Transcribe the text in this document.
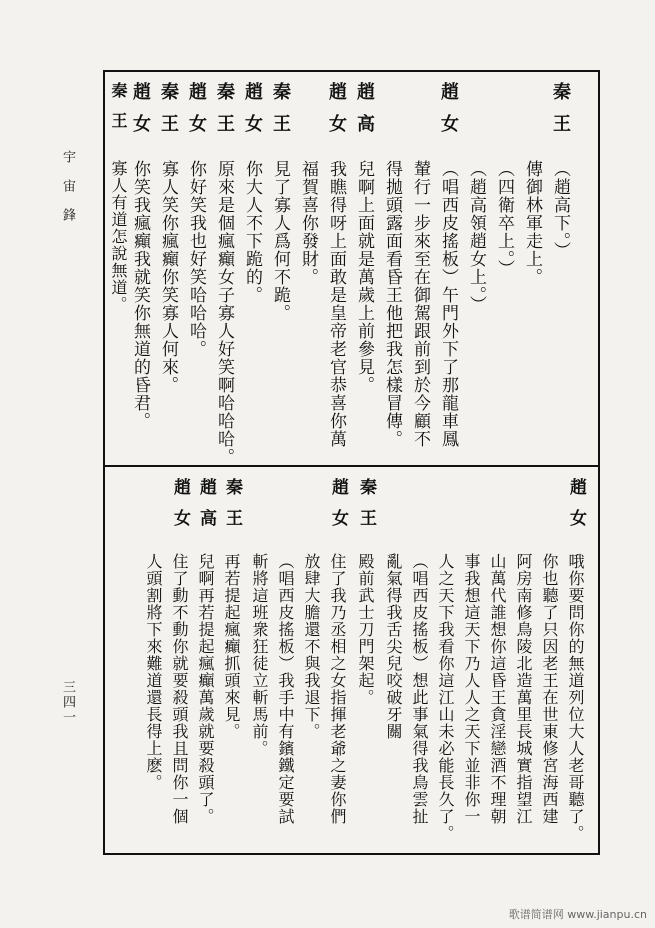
宇宙鋒
三四一
秦王
（趙高下。）
傳御林軍走上。
（四衛卒上。）
（趙高領趙女上。）
趙女
（唱西皮搖板）午門外下了那龍車鳳
輦行一步來至在御駕跟前到於今顧不
得拋頭露面看昏王他把我怎樣冒傳。
趙高
兒啊上面就是萬歲上前參見。
趙女
我瞧得呀上面敢是皇帝老官恭喜你萬
福賀喜你發財。
秦王
見了寡人爲何不跪。
趙女
你大人不下跪的。
秦王
原來是個瘋癲女子寡人好笑啊哈哈哈。
趙女
你好笑我也好笑哈哈哈。
秦王
寡人笑你瘋癲你笑寡人何來。
趙女
你笑我瘋癲我就笑你無道的昏君。
秦王
寡人有道怎說無道。
趙女
哦你要問你的無道列位大人老哥聽了。
你也聽了只因老王在世東修宮海西建
阿房南修鳥陵北造萬里長城實指望江
山萬代誰想你這昏王貪淫戀酒不理朝
事我想這天下乃人人之天下並非你一
人之天下我看你這江山未必能長久了。
（唱西皮搖板）想此事氣得我鳥雲扯
亂氣得我舌尖兒咬破牙關
秦王
殿前武士刀門架起。
趙女
住了我乃丞相之女指揮老爺之妻你們
放肆大膽還不與我退下。
（唱西皮搖板）我手中有鑌鐵定要試
斬將這班衆狂徒立斬馬前。
秦王
再若提起瘋癲抓頭來見。
趙高
兒啊再若提起瘋癲萬歲就要殺頭了。
趙女
住了動不動你就要殺頭我且問你一個
人頭割將下來難道還長得上麽。
歌谱简谱网 www.jianpu.cn
